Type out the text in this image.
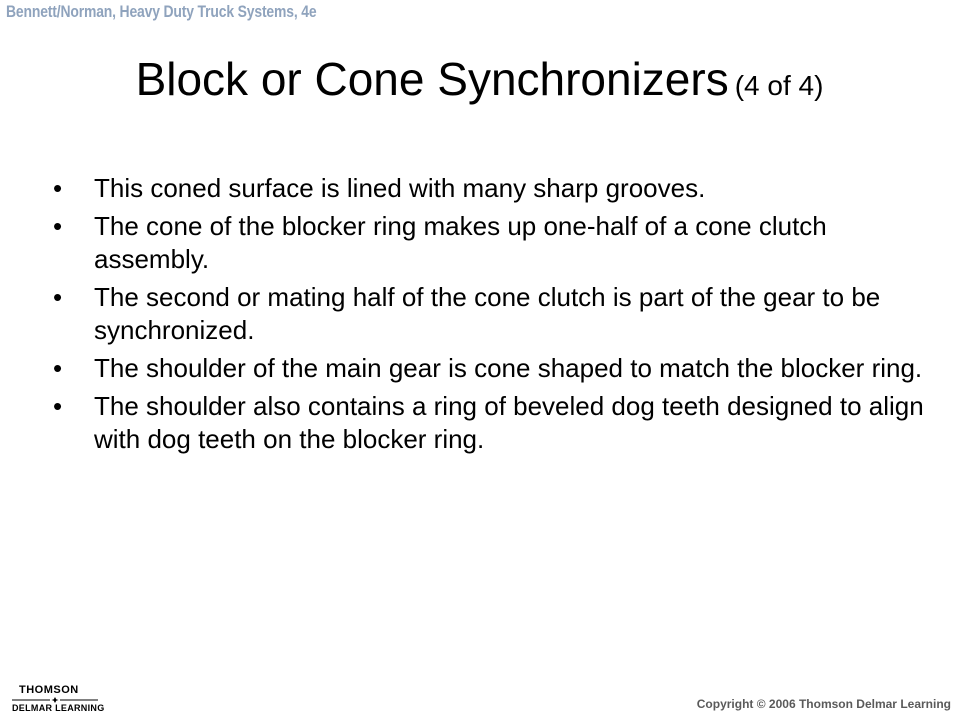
Bennett/Norman, Heavy Duty Truck Systems, 4e
Block or Cone Synchronizers (4 of 4)
•	This coned surface is lined with many sharp grooves.
•	The cone of the blocker ring makes up one-half of a cone clutch assembly.
•	The second or mating half of the cone clutch is part of the gear to be synchronized.
•	The shoulder of the main gear is cone shaped to match the blocker ring.
•	The shoulder also contains a ring of beveled dog teeth designed to align with dog teeth on the blocker ring.
THOMSON
DELMAR LEARNING	Copyright © 2006 Thomson Delmar Learning
